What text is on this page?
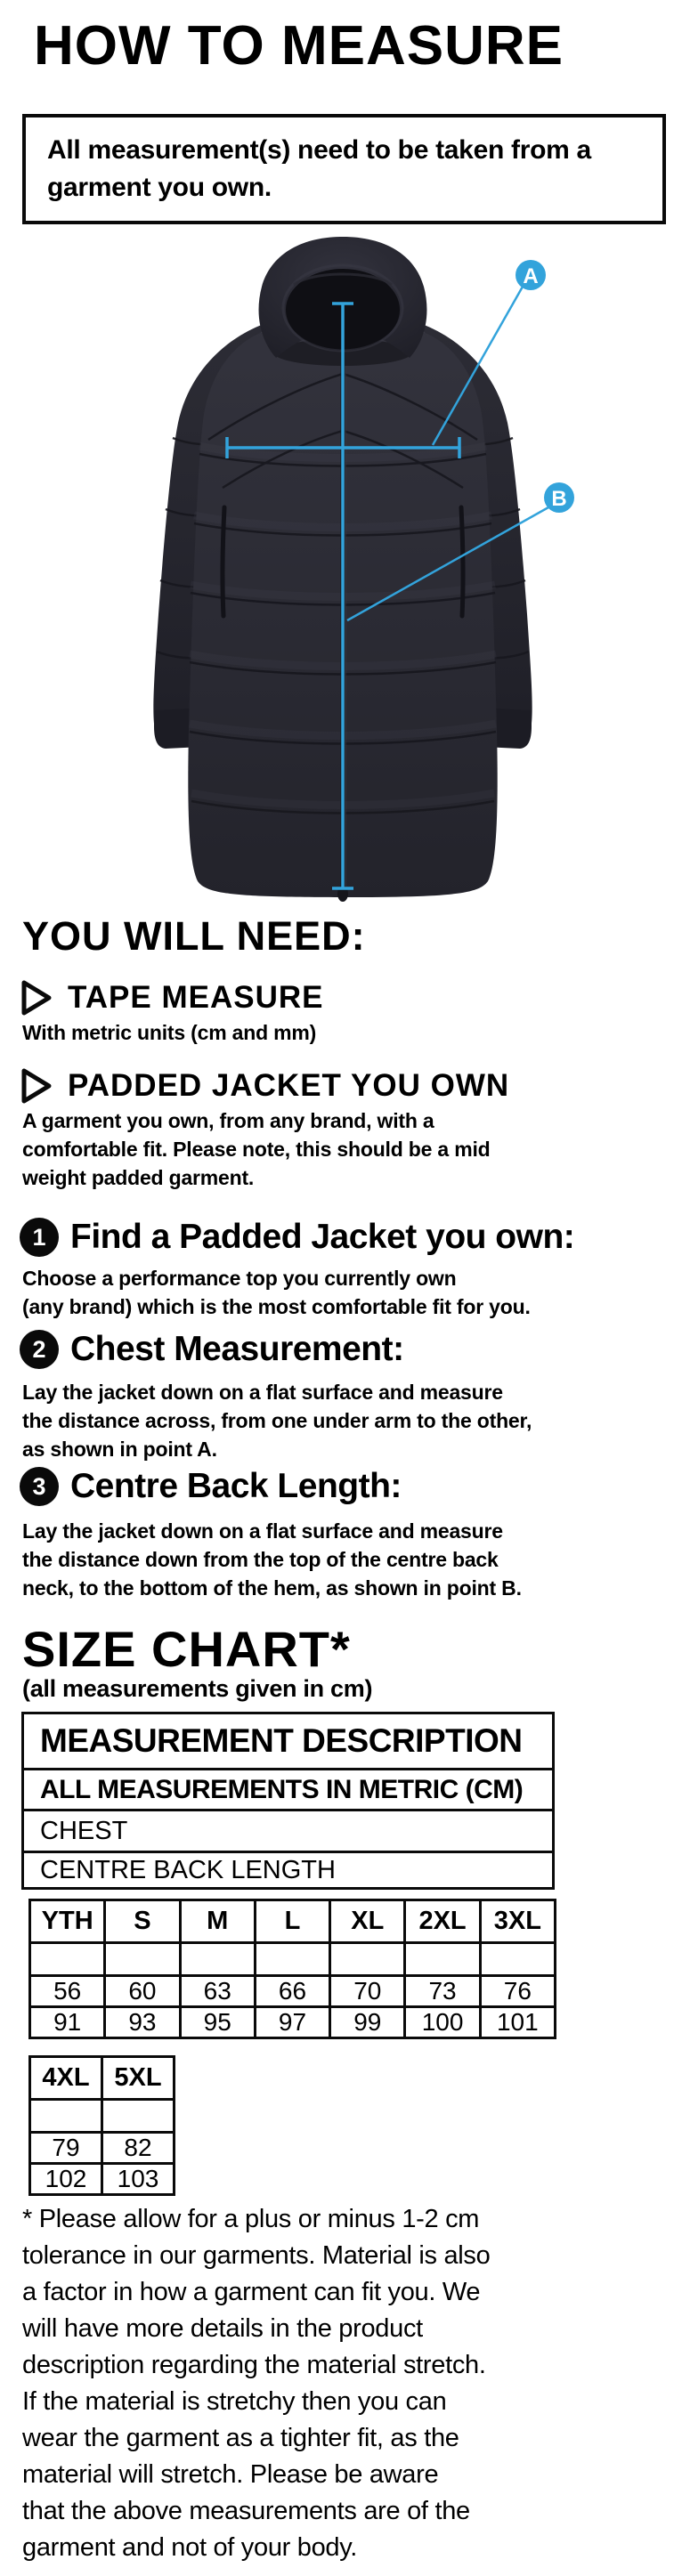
HOW TO MEASURE
All measurement(s) need to be taken from a
garment you own.
A
B
YOU WILL NEED:
TAPE MEASURE
With metric units (cm and mm)
PADDED JACKET YOU OWN
A garment you own, from any brand, with a
comfortable fit. Please note, this should be a mid
weight padded garment.
1 Find a Padded Jacket you own:
Choose a performance top you currently own
(any brand) which is the most comfortable fit for you.
2 Chest Measurement:
Lay the jacket down on a flat surface and measure
the distance across, from one under arm to the other,
as shown in point A.
3 Centre Back Length:
Lay the jacket down on a flat surface and measure
the distance down from the top of the centre back
neck, to the bottom of the hem, as shown in point B.
SIZE CHART*
(all measurements given in cm)
MEASUREMENT DESCRIPTION
ALL MEASUREMENTS IN METRIC (CM)
CHEST
CENTRE BACK LENGTH
YTH	S	M	L	XL	2XL	3XL

56	60	63	66	70	73	76
91	93	95	97	99	100	101
4XL	5XL

79	82
102	103
* Please allow for a plus or minus 1-2 cm
tolerance in our garments. Material is also
a factor in how a garment can fit you. We
will have more details in the product
description regarding the material stretch.
If the material is stretchy then you can
wear the garment as a tighter fit, as the
material will stretch. Please be aware
that the above measurements are of the
garment and not of your body.
